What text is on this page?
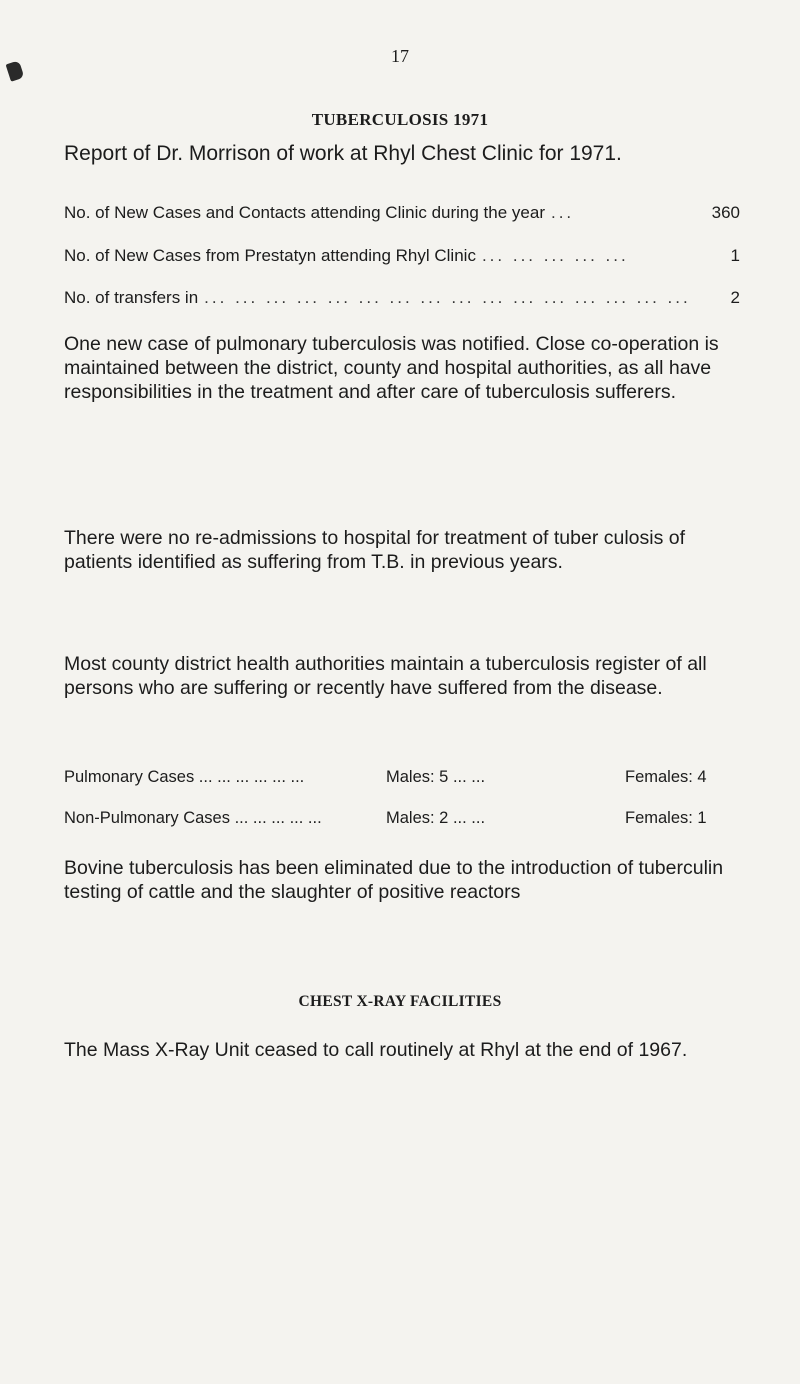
17
TUBERCULOSIS 1971
Report of Dr. Morrison of work at Rhyl Chest Clinic for 1971.
No. of New Cases and Contacts attending Clinic during the year ...	360
No. of New Cases from Prestatyn attending Rhyl Clinic ... ... ... ... ...	1
No. of transfers in ... ... ... ... ... ... ... ... ... ... ... ... ... ... ... ...	2
One new case of pulmonary tuberculosis was notified. Close co-operation is maintained between the district, county and hospital authorities, as all have responsibilities in the treatment and after care of tuberculosis sufferers.
There were no re-admissions to hospital for treatment of tuber culosis of patients identified as suffering from T.B. in previous years.
Most county district health authorities maintain a tuberculosis register of all persons who are suffering or recently have suffered from the disease.
Pulmonary Cases ... ... ... ... ... ...	Males: 5 ... ...	Females: 4
Non-Pulmonary Cases ... ... ... ... ...	Males: 2 ... ...	Females: 1
Bovine tuberculosis has been eliminated due to the introduction of tuberculin testing of cattle and the slaughter of positive reactors
CHEST X-RAY FACILITIES
The Mass X-Ray Unit ceased to call routinely at Rhyl at the end of 1967.
